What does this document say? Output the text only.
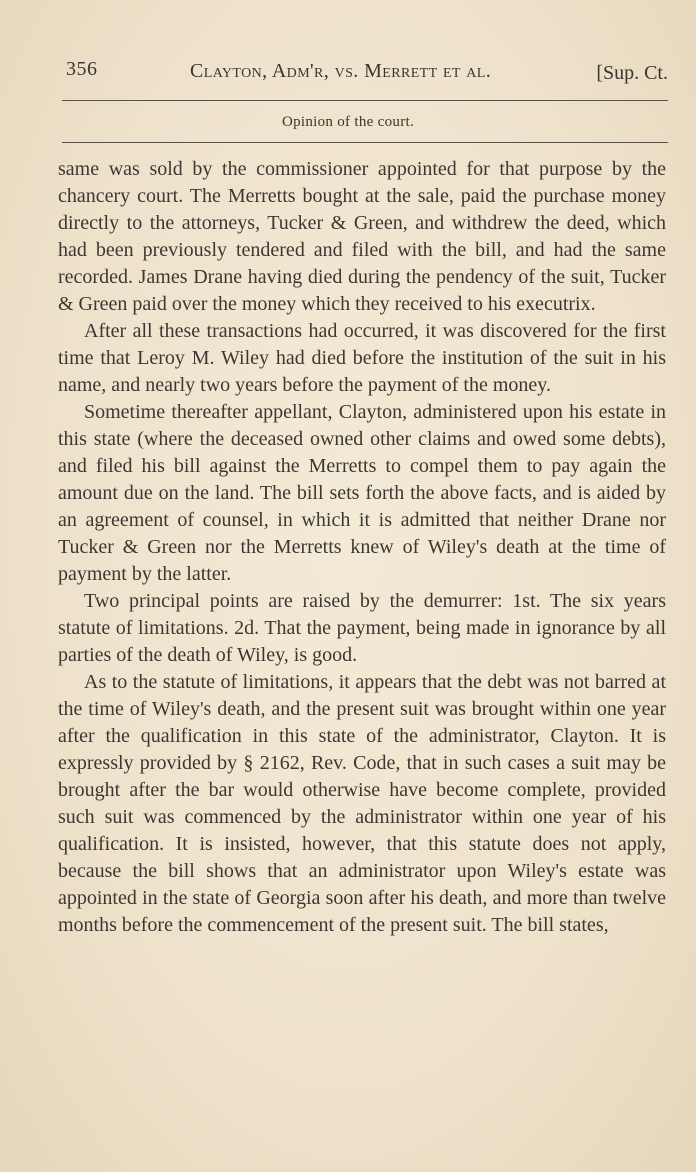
356	Clayton, Adm'r, vs. Merrett et al.	[Sup. Ct.
Opinion of the court.

same was sold by the commissioner appointed for that purpose by the chancery court. The Merretts bought at the sale, paid the purchase money directly to the attorneys, Tucker & Green, and withdrew the deed, which had been previously tendered and filed with the bill, and had the same recorded. James Drane having died during the pendency of the suit, Tucker & Green paid over the money which they received to his executrix.

After all these transactions had occurred, it was discovered for the first time that Leroy M. Wiley had died before the institution of the suit in his name, and nearly two years before the payment of the money.

Sometime thereafter appellant, Clayton, administered upon his estate in this state (where the deceased owned other claims and owed some debts), and filed his bill against the Merretts to compel them to pay again the amount due on the land. The bill sets forth the above facts, and is aided by an agreement of counsel, in which it is admitted that neither Drane nor Tucker & Green nor the Merretts knew of Wiley's death at the time of payment by the latter.

Two principal points are raised by the demurrer: 1st. The six years statute of limitations. 2d. That the payment, being made in ignorance by all parties of the death of Wiley, is good.

As to the statute of limitations, it appears that the debt was not barred at the time of Wiley's death, and the present suit was brought within one year after the qualification in this state of the administrator, Clayton. It is expressly provided by § 2162, Rev. Code, that in such cases a suit may be brought after the bar would otherwise have become complete, provided such suit was commenced by the administrator within one year of his qualification. It is insisted, however, that this statute does not apply, because the bill shows that an administrator upon Wiley's estate was appointed in the state of Georgia soon after his death, and more than twelve months before the commencement of the present suit. The bill states,
